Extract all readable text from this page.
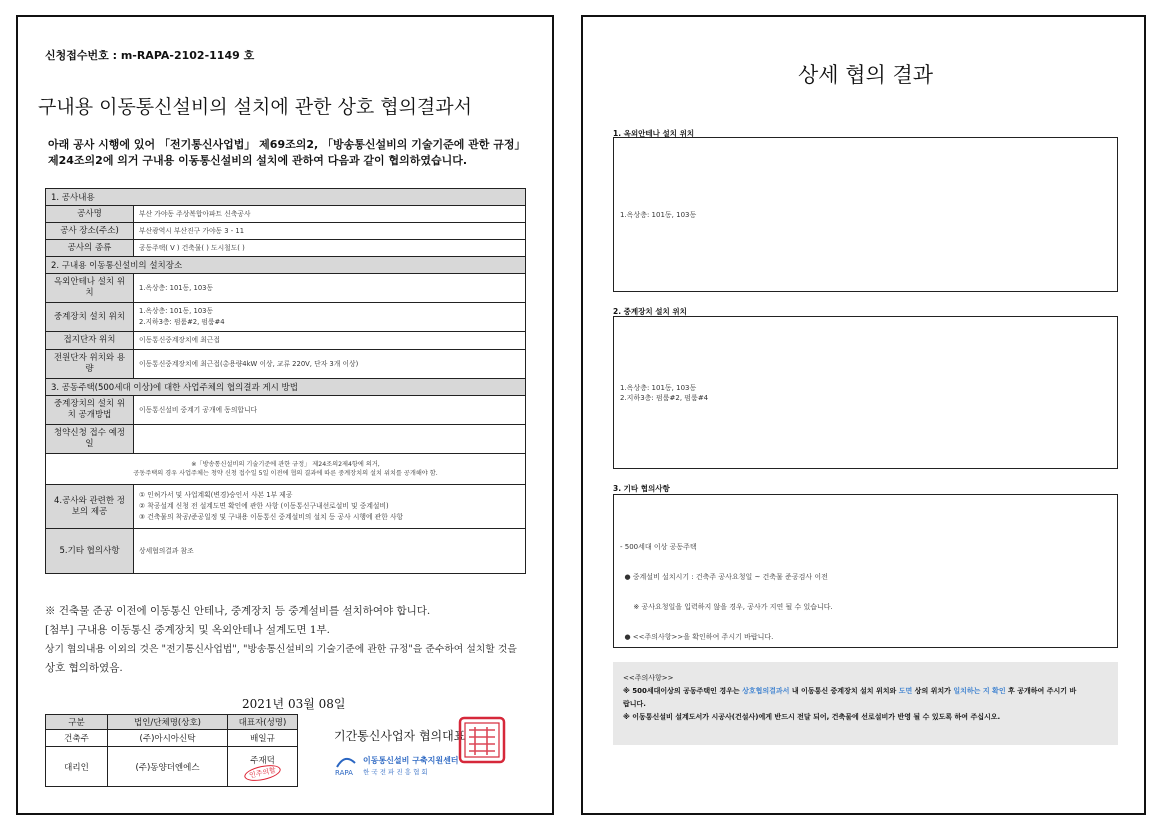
신청접수번호 : m-RAPA-2102-1149 호
구내용 이동통신설비의 설치에 관한 상호 협의결과서
아래 공사 시행에 있어 「전기통신사업법」 제69조의2, 「방송통신설비의 기술기준에 관한 규정」
제24조의2에 의거 구내용 이동통신설비의 설치에 관하여 다음과 같이 협의하였습니다.
1. 공사내용	
공사명	부산 가야동 주상복합아파트 신축공사
공사 장소(주소)	부산광역시 부산진구 가야동 3 - 11
공사의 종류	공동주택( V ) 건축물( ) 도시철도( )
2. 구내용 이동통신설비의 설치장소	
옥외안테나 설치 위치	1.옥상층: 101동, 103동
중계장치 설치 위치	1.옥상층: 101동, 103동
2.지하3층: 펌룸#2, 펌룸#4

접지단자 위치	이동통신중계장치에 최근접
전원단자 위치와 용량	이동통신중계장치에 최근접(총용량4kW 이상, 교류 220V, 단자 3개 이상)
3. 공동주택(500세대 이상)에 대한 사업주체의 협의결과 게시 방법	
중계장치의 설치 위치 공개방법	이동통신설비 중계기 공개에 동의합니다
청약신청 접수 예정일	

※「방송통신설비의 기술기준에 관한 규정」 제24조의2제4항에 의거,
공동주택의 경우 사업주체는 청약 신청 접수일 5일 이전에 협의 결과에 따른 중계장치의 설치 위치를 공개해야 함.	

4.공사와 관련한 정보의 제공	① 인허가서 및 사업계획(변경)승인서 사본 1부 제공
② 착공설계 신청 전 설계도면 확인에 관한 사항 (이동통신구내선로설비 및 중계설비)
③ 건축물의 착공/준공일정 및 구내용 이동통신 중계설비의 설치 등 공사 시행에 관한 사항

5.기타 협의사항	상세협의결과 참조
※ 건축물 준공 이전에 이동통신 안테나, 중계장치 등 중계설비를 설치하여야 합니다.
[첨부] 구내용 이동통신 중계장치 및 옥외안테나 설계도면 1부.
상기 협의내용 이외의 것은 "전기통신사업법", "방송통신설비의 기술기준에 관한 규정"을 준수하여 설치할 것을
상호 협의하였음.
2021년 03월 08일
구분	법인/단체명(상호)	대표자(성명)
건축주	(주)아시아신탁	배일규
대리인	(주)동양더엔에스	주재덕
인주의할
기간통신사업자 협의대표
RAPA
이동통신설비 구축지원센터
한 국 전 파 진 흥 협 회
상세 협의 결과
1. 옥외안테나 설치 위치
1.옥상층: 101동, 103동
2. 중계장치 설치 위치
1.옥상층: 101동, 103동
2.지하3층: 펌룸#2, 펌룸#4
3. 기타 협의사항

- 500세대 이상 공동주택

● 중계설비 설치시기 : 건축주 공사요청일 ~ 건축물 준공검사 이전

※ 공사요청일을 입력하지 않을 경우, 공사가 지연 될 수 있습니다.

● <<주의사항>>을 확인하여 주시기 바랍니다.

<<주의사항>>
※ 500세대이상의 공동주택인 경우는 상호협의결과서 내 이동통신 중계장치 설치 위치와 도면 상의 위치가 일치하는 지 확인 후 공개하여 주시기 바
랍니다.
※ 이동통신설비 설계도서가 시공사(건설사)에게 반드시 전달 되어, 건축물에 선로설비가 반영 될 수 있도록 하여 주십시오.
